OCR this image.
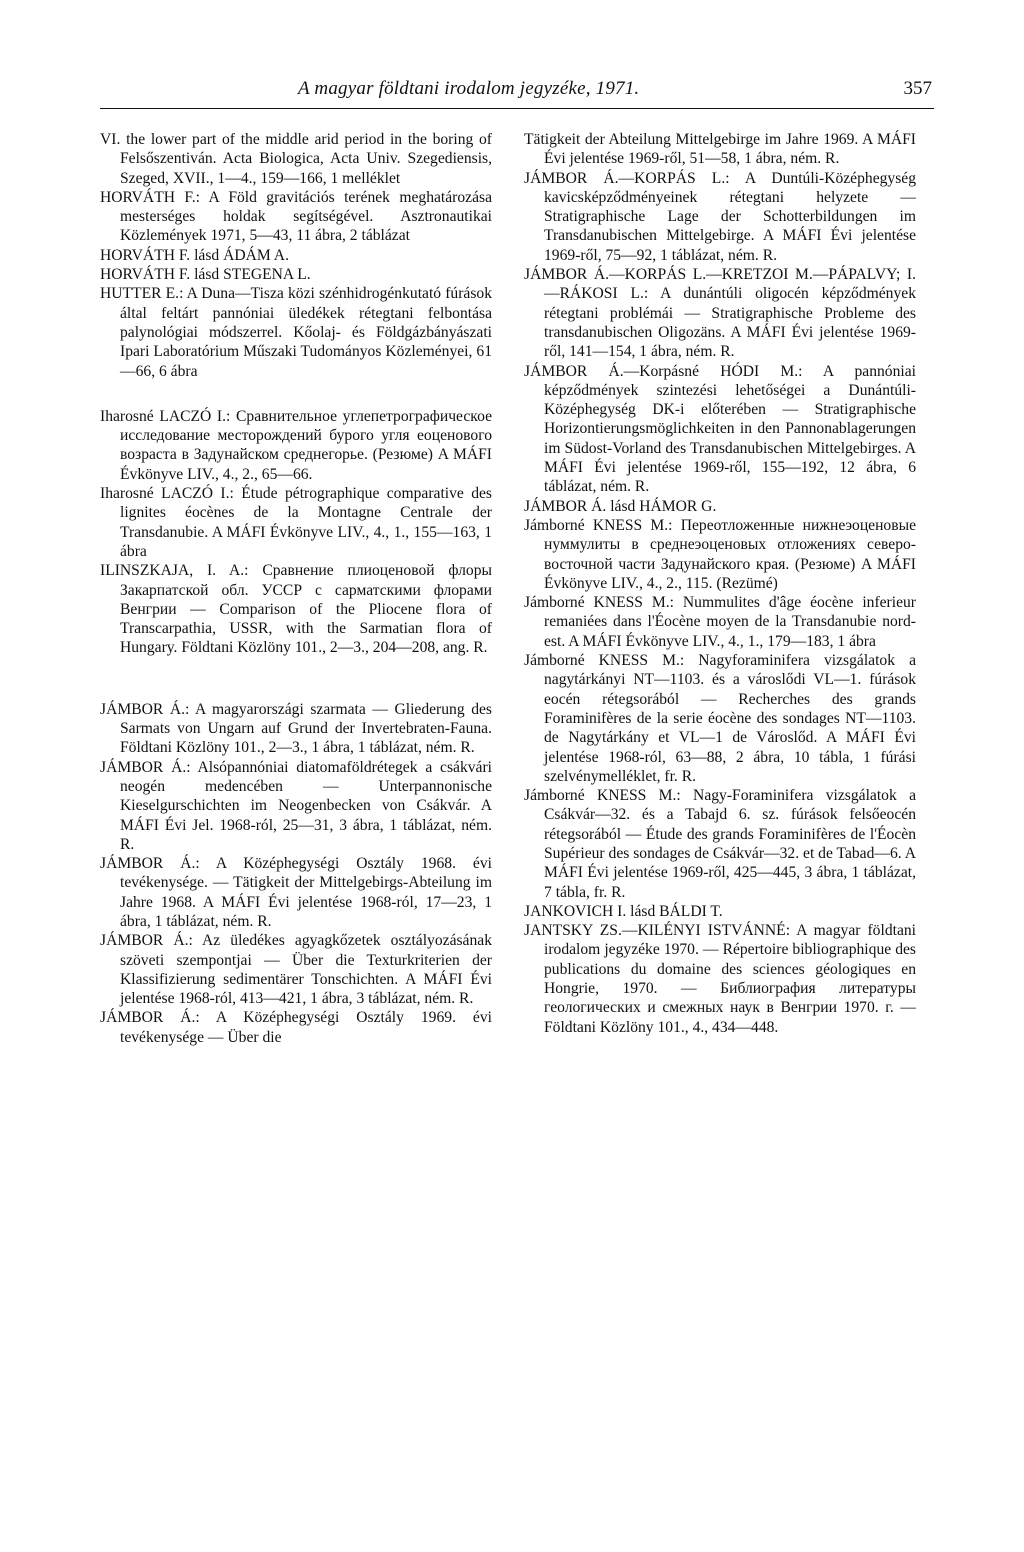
A magyar földtani irodalom jegyzéke, 1971.	357

VI. the lower part of the middle arid period in the boring of Felsőszentiván. Acta Biologica, Acta Univ. Szegediensis, Szeged, XVII., 1—4., 159—166, 1 melléklet

HORVÁTH F.: A Föld gravitációs terének meghatározása mesterséges holdak segítségével. Asztronautikai Közlemények 1971, 5—43, 11 ábra, 2 táblázat

HORVÁTH F. lásd ÁDÁM A.

HORVÁTH F. lásd STEGENA L.

HUTTER E.: A Duna—Tisza közi szénhidrogénkutató fúrások által feltárt pannóniai üledékek rétegtani felbontása palynológiai módszerrel. Kőolaj- és Földgázbányászati Ipari Laboratórium Műszaki Tudományos Közleményei, 61—66, 6 ábra

Iharosné LACZÓ I.: Сравнительное углепетрографическое исследование месторождений бурого угля еоценового возраста в Задунайском среднегорье. (Резюме) A MÁFI Évkönyve LIV., 4., 2., 65—66.

Iharosné LACZÓ I.: Étude pétrographique comparative des lignites éocènes de la Montagne Centrale der Transdanubie. A MÁFI Évkönyve LIV., 4., 1., 155—163, 1 ábra

ILINSZKAJA, I. A.: Сравнение плиоценовой флоры Закарпатской обл. УССР с сарматскими флорами Венгрии — Comparison of the Pliocene flora of Transcarpathia, USSR, with the Sarmatian flora of Hungary. Földtani Közlöny 101., 2—3., 204—208, ang. R.

JÁMBOR Á.: A magyarországi szarmata — Gliederung des Sarmats von Ungarn auf Grund der Invertebraten-Fauna. Földtani Közlöny 101., 2—3., 1 ábra, 1 táblázat, ném. R.

JÁMBOR Á.: Alsópannóniai diatomaföldrétegek a csákvári neogén medencében — Unterpannonische Kieselgurschichten im Neogenbecken von Csákvár. A MÁFI Évi Jel. 1968-ról, 25—31, 3 ábra, 1 táblázat, ném. R.

JÁMBOR Á.: A Középhegységi Osztály 1968. évi tevékenysége. — Tätigkeit der Mittelgebirgs-Abteilung im Jahre 1968. A MÁFI Évi jelentése 1968-ról, 17—23, 1 ábra, 1 táblázat, ném. R.

JÁMBOR Á.: Az üledékes agyagkőzetek osztályozásának szöveti szempontjai — Über die Texturkriterien der Klassifizierung sedimentärer Tonschichten. A MÁFI Évi jelentése 1968-ról, 413—421, 1 ábra, 3 táblázat, ném. R.

JÁMBOR Á.: A Középhegységi Osztály 1969. évi tevékenysége — Über die

Tätigkeit der Abteilung Mittelgebirge im Jahre 1969. A MÁFI Évi jelentése 1969-ről, 51—58, 1 ábra, ném. R.

JÁMBOR Á.—KORPÁS L.: A Duntúli-Középhegység kavicsképződményeinek rétegtani helyzete — Stratigraphische Lage der Schotterbildungen im Transdanubischen Mittelgebirge. A MÁFI Évi jelentése 1969-ről, 75—92, 1 táblázat, ném. R.

JÁMBOR Á.—KORPÁS L.—KRETZOI M.—PÁPALVY; I.—RÁKOSI L.: A dunántúli oligocén képződmények rétegtani problémái — Stratigraphische Probleme des transdanubischen Oligozäns. A MÁFI Évi jelentése 1969-ről, 141—154, 1 ábra, ném. R.

JÁMBOR Á.—Korpásné HÓDI M.: A pannóniai képződmények szintezési lehetőségei a Dunántúli-Középhegység DK-i előterében — Stratigraphische Horizontierungsmöglichkeiten in den Pannonablagerungen im Südost-Vorland des Transdanubischen Mittelgebirges. A MÁFI Évi jelentése 1969-ről, 155—192, 12 ábra, 6 táblázat, ném. R.

JÁMBOR Á. lásd HÁMOR G.

Jámborné KNESS M.: Переотложенные нижнеэоценовые нуммулиты в среднеэоценовых отложениях северо-восточной части Задунайского края. (Резюме) A MÁFI Évkönyve LIV., 4., 2., 115. (Rezümé)

Jámborné KNESS M.: Nummulites d'âge éocène inferieur remaniées dans l'Éocène moyen de la Transdanubie nord-est. A MÁFI Évkönyve LIV., 4., 1., 179—183, 1 ábra

Jámborné KNESS M.: Nagyforaminifera vizsgálatok a nagytárkányi NT—1103. és a városlődi VL—1. fúrások eocén rétegsorából — Recherches des grands Foraminifères de la serie éocène des sondages NT—1103. de Nagytárkány et VL—1 de Városlőd. A MÁFI Évi jelentése 1968-ról, 63—88, 2 ábra, 10 tábla, 1 fúrási szelvénymelléklet, fr. R.

Jámborné KNESS M.: Nagy-Foraminifera vizsgálatok a Csákvár—32. és a Tabajd 6. sz. fúrások felsőeocén rétegsorából — Étude des grands Foraminifères de l'Éocèn Supérieur des sondages de Csákvár—32. et de Tabad—6. A MÁFI Évi jelentése 1969-ről, 425—445, 3 ábra, 1 táblázat, 7 tábla, fr. R.

JANKOVICH I. lásd BÁLDI T.

JANTSKY ZS.—KILÉNYI ISTVÁNNÉ: A magyar földtani irodalom jegyzéke 1970. — Répertoire bibliographique des publications du domaine des sciences géologiques en Hongrie, 1970. — Библиография литературы геологических и смежных наук в Венгрии 1970. г. — Földtani Közlöny 101., 4., 434—448.
